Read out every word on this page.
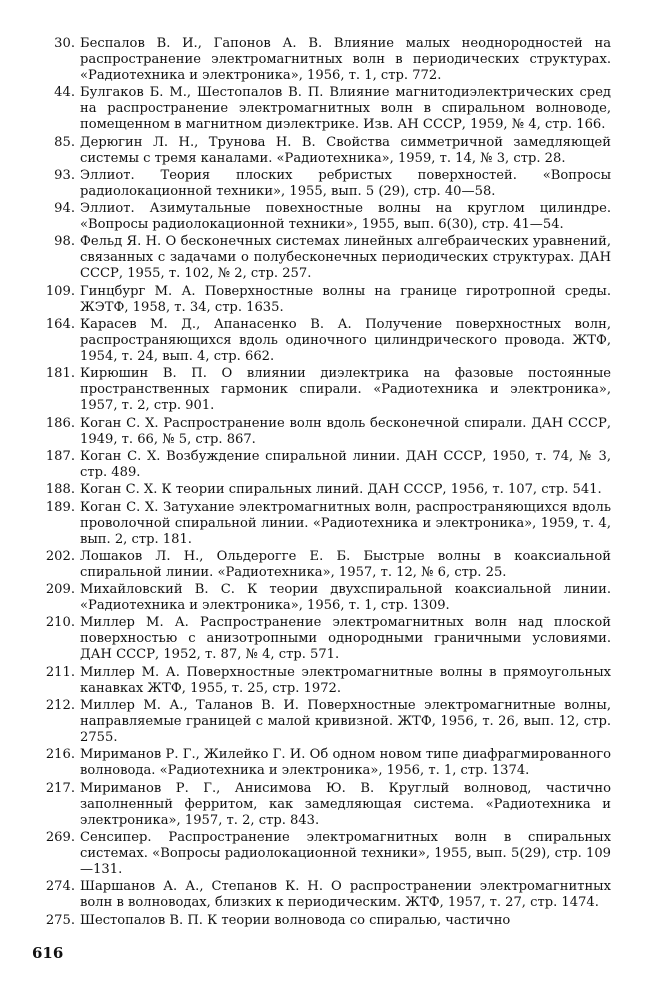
30. Беспалов В. И., Гапонов А. В. Влияние малых неоднородностей на распространение электромагнитных волн в периодических структурах. «Радиотехника и электроника», 1956, т. 1, стр. 772.
44. Булгаков Б. М., Шестопалов В. П. Влияние магнитодиэлектрических сред на распространение электромагнитных волн в спиральном волноводе, помещенном в магнитном диэлектрике. Изв. АН СССР, 1959, № 4, стр. 166.
85. Дерюгин Л. Н., Трунова Н. В. Свойства симметричной замедляющей системы с тремя каналами. «Радиотехника», 1959, т. 14, № 3, стр. 28.
93. Эллиот. Теория плоских ребристых поверхностей. «Вопросы радиолокационной техники», 1955, вып. 5 (29), стр. 40—58.
94. Эллиот. Азимутальные повехностные волны на круглом цилиндре. «Вопросы радиолокационной техники», 1955, вып. 6(30), стр. 41—54.
98. Фельд Я. Н. О бесконечных системах линейных алгебраических уравнений, связанных с задачами о полубесконечных периодических структурах. ДАН СССР, 1955, т. 102, № 2, стр. 257.
109. Гинцбург М. А. Поверхностные волны на границе гиротропной среды. ЖЭТФ, 1958, т. 34, стр. 1635.
164. Карасев М. Д., Апанасенко В. А. Получение поверхностных волн, распространяющихся вдоль одиночного цилиндрического провода. ЖТФ, 1954, т. 24, вып. 4, стр. 662.
181. Кирюшин В. П. О влиянии диэлектрика на фазовые постоянные пространственных гармоник спирали. «Радиотехника и электроника», 1957, т. 2, стр. 901.
186. Коган С. Х. Распространение волн вдоль бесконечной спирали. ДАН СССР, 1949, т. 66, № 5, стр. 867.
187. Коган С. Х. Возбуждение спиральной линии. ДАН СССР, 1950, т. 74, № 3, стр. 489.
188. Коган С. Х. К теории спиральных линий. ДАН СССР, 1956, т. 107, стр. 541.
189. Коган С. Х. Затухание электромагнитных волн, распространяющихся вдоль проволочной спиральной линии. «Радиотехника и электроника», 1959, т. 4, вып. 2, стр. 181.
202. Лошаков Л. Н., Ольдерогге Е. Б. Быстрые волны в коаксиальной спиральной линии. «Радиотехника», 1957, т. 12, № 6, стр. 25.
209. Михайловский В. С. К теории двухспиральной коаксиальной линии. «Радиотехника и электроника», 1956, т. 1, стр. 1309.
210. Миллер М. А. Распространение электромагнитных волн над плоской поверхностью с анизотропными однородными граничными условиями. ДАН СССР, 1952, т. 87, № 4, стр. 571.
211. Миллер М. А. Поверхностные электромагнитные волны в прямоугольных канавках ЖТФ, 1955, т. 25, стр. 1972.
212. Миллер М. А., Таланов В. И. Поверхностные электромагнитные волны, направляемые границей с малой кривизной. ЖТФ, 1956, т. 26, вып. 12, стр. 2755.
216. Мириманов Р. Г., Жилейко Г. И. Об одном новом типе диафрагмированного волновода. «Радиотехника и электроника», 1956, т. 1, стр. 1374.
217. Мириманов Р. Г., Анисимова Ю. В. Круглый волновод, частично заполненный ферритом, как замедляющая система. «Радиотехника и электроника», 1957, т. 2, стр. 843.
269. Сенсипер. Распространение электромагнитных волн в спиральных системах. «Вопросы радиолокационной техники», 1955, вып. 5(29), стр. 109—131.
274. Шаршанов А. А., Степанов К. Н. О распространении электромагнитных волн в волноводах, близких к периодическим. ЖТФ, 1957, т. 27, стр. 1474.
275. Шестопалов В. П. К теории волновода со спиралью, частично
616
